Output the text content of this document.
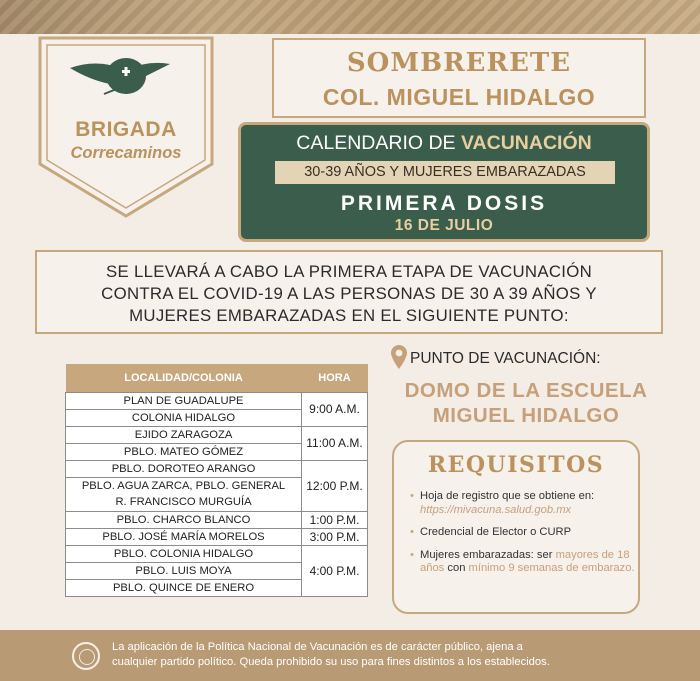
BRIGADA
Correcaminos
SOMBRERETE
COL. MIGUEL HIDALGO
CALENDARIO DE VACUNACIÓN
30-39 AÑOS Y MUJERES EMBARAZADAS
PRIMERA DOSIS
16 DE JULIO
SE LLEVARÁ A CABO LA PRIMERA ETAPA DE VACUNACIÓN
CONTRA EL COVID-19 A LAS PERSONAS DE 30 A 39 AÑOS Y
MUJERES EMBARAZADAS EN EL SIGUIENTE PUNTO:
LOCALIDAD/COLONIA	HORA
PLAN DE GUADALUPE	9:00 A.M.
COLONIA HIDALGO	
EJIDO ZARAGOZA	11:00 A.M.
PBLO. MATEO GÓMEZ	
PBLO. DOROTEO ARANGO	12:00 P.M.
PBLO. AGUA ZARCA, PBLO. GENERAL	
R. FRANCISCO MURGUÍA	
PBLO. CHARCO BLANCO	1:00 P.M.
PBLO. JOSÉ MARÍA MORELOS	3:00 P.M.
PBLO. COLONIA HIDALGO	4:00 P.M.
PBLO. LUIS MOYA	
PBLO. QUINCE DE ENERO	
PUNTO DE VACUNACIÓN:
DOMO DE LA ESCUELA
MIGUEL HIDALGO
REQUISITOS
• Hoja de registro que se obtiene en: https://mivacuna.salud.gob.mx
• Credencial de Elector o CURP
• Mujeres embarazadas: ser mayores de 18 años con mínimo 9 semanas de embarazo.
La aplicación de la Política Nacional de Vacunación es de carácter público, ajena a
cualquier partido político. Queda prohibido su uso para fines distintos a los establecidos.
